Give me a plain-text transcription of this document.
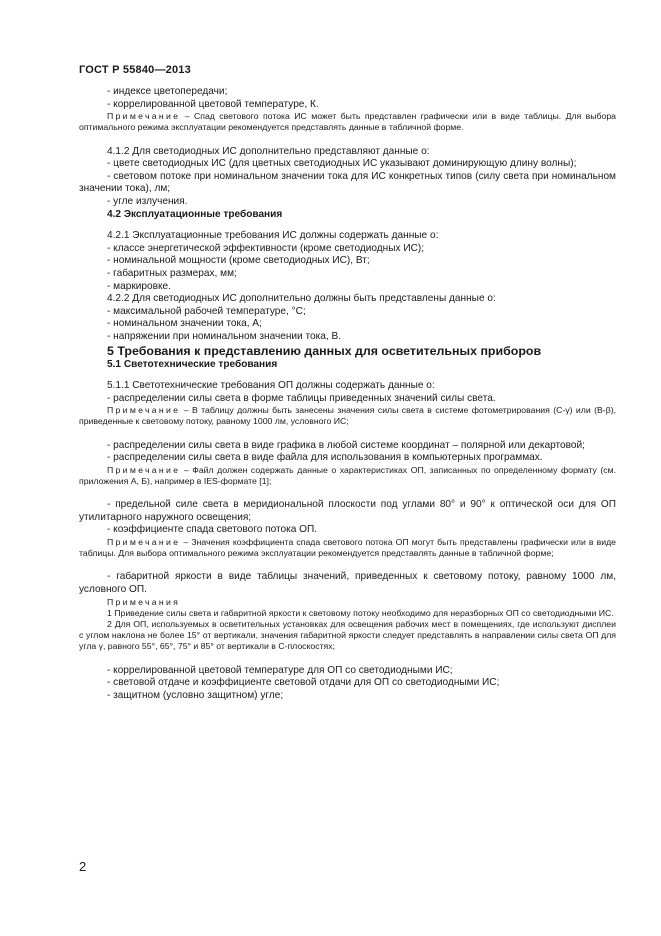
ГОСТ Р 55840—2013

- индексе цветопередачи;

- коррелированной цветовой температуре, К.

Примечание – Спад светового потока ИС может быть представлен графически или в виде таблицы. Для выбора оптимального режима эксплуатации рекомендуется представлять данные в табличной форме.

4.1.2 Для светодиодных ИС дополнительно представляют данные о:

- цвете светодиодных ИС (для цветных светодиодных ИС указывают доминирующую длину волны);

- световом потоке при номинальном значении тока для ИС конкретных типов (силу света при номинальном значении тока), лм;

- угле излучения.

4.2 Эксплуатационные требования

4.2.1 Эксплуатационные требования ИС должны содержать данные о:

- классе энергетической эффективности (кроме светодиодных ИС);

- номинальной мощности (кроме светодиодных ИС), Вт;

- габаритных размерах, мм;

- маркировке.

4.2.2 Для светодиодных ИС дополнительно должны быть представлены данные о:

- максимальной рабочей температуре, °С;

- номинальном значении тока, А;

- напряжении при номинальном значении тока, В.

5 Требования к представлению данных для осветительных приборов

5.1 Светотехнические требования

5.1.1 Светотехнические требования ОП должны содержать данные о:

- распределении силы света в форме таблицы приведенных значений силы света.

Примечание – В таблицу должны быть занесены значения силы света в системе фотометрирования (C-γ) или (B-β), приведенные к световому потоку, равному 1000 лм, условного ИС;

- распределении силы света в виде графика в любой системе координат – полярной или декартовой;

- распределении силы света в виде файла для использования в компьютерных программах.

Примечание – Файл должен содержать данные о характеристиках ОП, записанных по определенному формату (см. приложения А, Б), например в IES-формате [1];

- предельной силе света в меридиональной плоскости под углами 80° и 90° к оптической оси для ОП утилитарного наружного освещения;

- коэффициенте спада светового потока ОП.

Примечание – Значения коэффициента спада светового потока ОП могут быть представлены графически или в виде таблицы. Для выбора оптимального режима эксплуатации рекомендуется представлять данные в табличной форме;

- габаритной яркости в виде таблицы значений, приведенных к световому потоку, равному 1000 лм, условного ОП.

Примечания

1 Приведение силы света и габаритной яркости к световому потоку необходимо для неразборных ОП со светодиодными ИС.

2 Для ОП, используемых в осветительных установках для освещения рабочих мест в помещениях, где используют дисплеи с углом наклона не более 15° от вертикали, значения габаритной яркости следует представлять в направлении силы света ОП для угла γ, равного 55°, 65°, 75° и 85° от вертикали в С-плоскостях;

- коррелированной цветовой температуре для ОП со светодиодными ИС;

- световой отдаче и коэффициенте световой отдачи для ОП со светодиодными ИС;

- защитном (условно защитном) угле;

2
